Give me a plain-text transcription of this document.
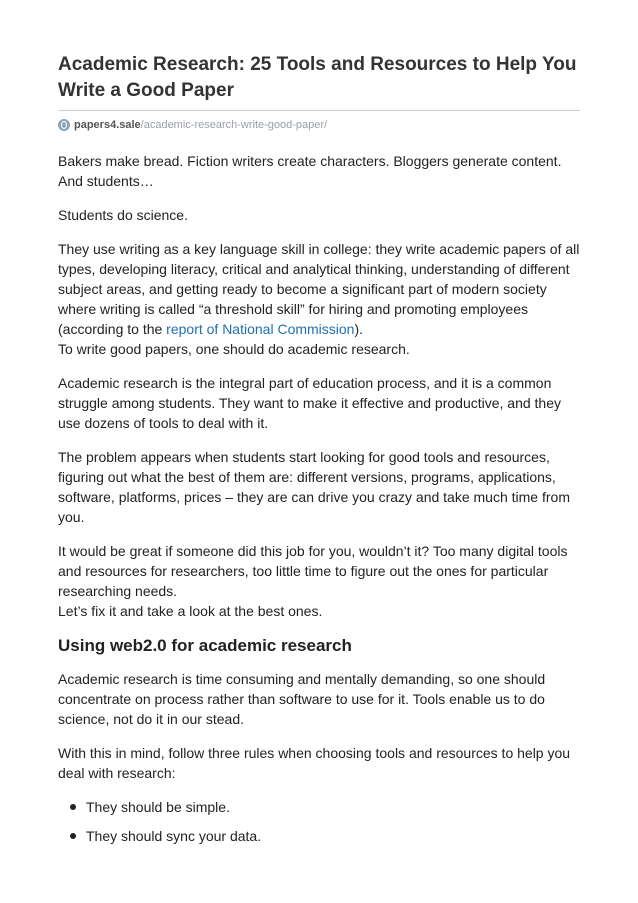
Academic Research: 25 Tools and Resources to Help You Write a Good Paper
papers4.sale /academic-research-write-good-paper/

Bakers make bread. Fiction writers create characters. Bloggers generate content. And students…

Students do science.

They use writing as a key language skill in college: they write academic papers of all types, developing literacy, critical and analytical thinking, understanding of different subject areas, and getting ready to become a significant part of modern society where writing is called “a threshold skill” for hiring and promoting employees (according to the report of National Commission).
To write good papers, one should do academic research.

Academic research is the integral part of education process, and it is a common struggle among students. They want to make it effective and productive, and they use dozens of tools to deal with it.

The problem appears when students start looking for good tools and resources, figuring out what the best of them are: different versions, programs, applications, software, platforms, prices – they are can drive you crazy and take much time from you.

It would be great if someone did this job for you, wouldn’t it? Too many digital tools and resources for researchers, too little time to figure out the ones for particular researching needs.
Let’s fix it and take a look at the best ones.

Using web2.0 for academic research

Academic research is time consuming and mentally demanding, so one should concentrate on process rather than software to use for it. Tools enable us to do science, not do it in our stead.

With this in mind, follow three rules when choosing tools and resources to help you deal with research:

They should be simple.
They should sync your data.
